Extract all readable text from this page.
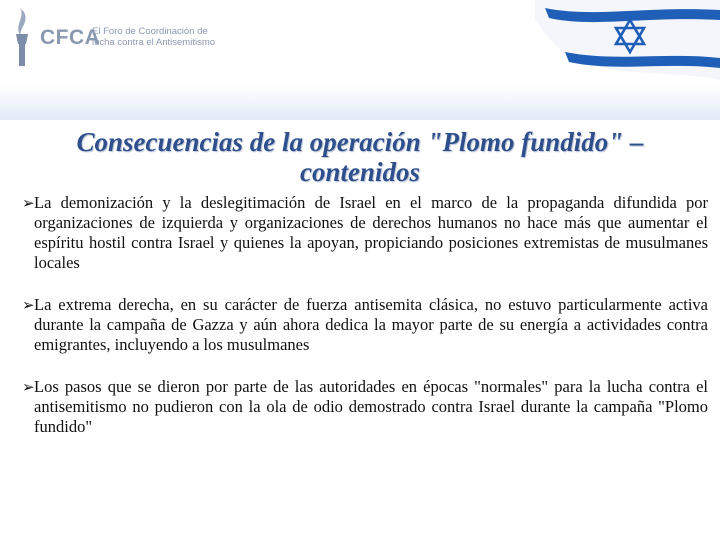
CFCA
El Foro de Coordinación de
lucha contra el Antisemitismo
Consecuencias de la operación "Plomo fundido" –
contenidos
➢ La demonización y la deslegitimación de Israel en el marco de la propaganda difundida por organizaciones de izquierda y organizaciones de derechos humanos no hace más que aumentar el espíritu hostil contra Israel y quienes la apoyan, propiciando posiciones extremistas de musulmanes locales
➢ La extrema derecha, en su carácter de fuerza antisemita clásica, no estuvo particularmente activa durante la campaña de Gazza y aún ahora dedica la mayor parte de su energía a actividades contra emigrantes, incluyendo a los musulmanes
➢ Los pasos que se dieron por parte de las autoridades en épocas "normales" para la lucha contra el antisemitismo no pudieron con la ola de odio demostrado contra Israel durante la campaña "Plomo fundido"
